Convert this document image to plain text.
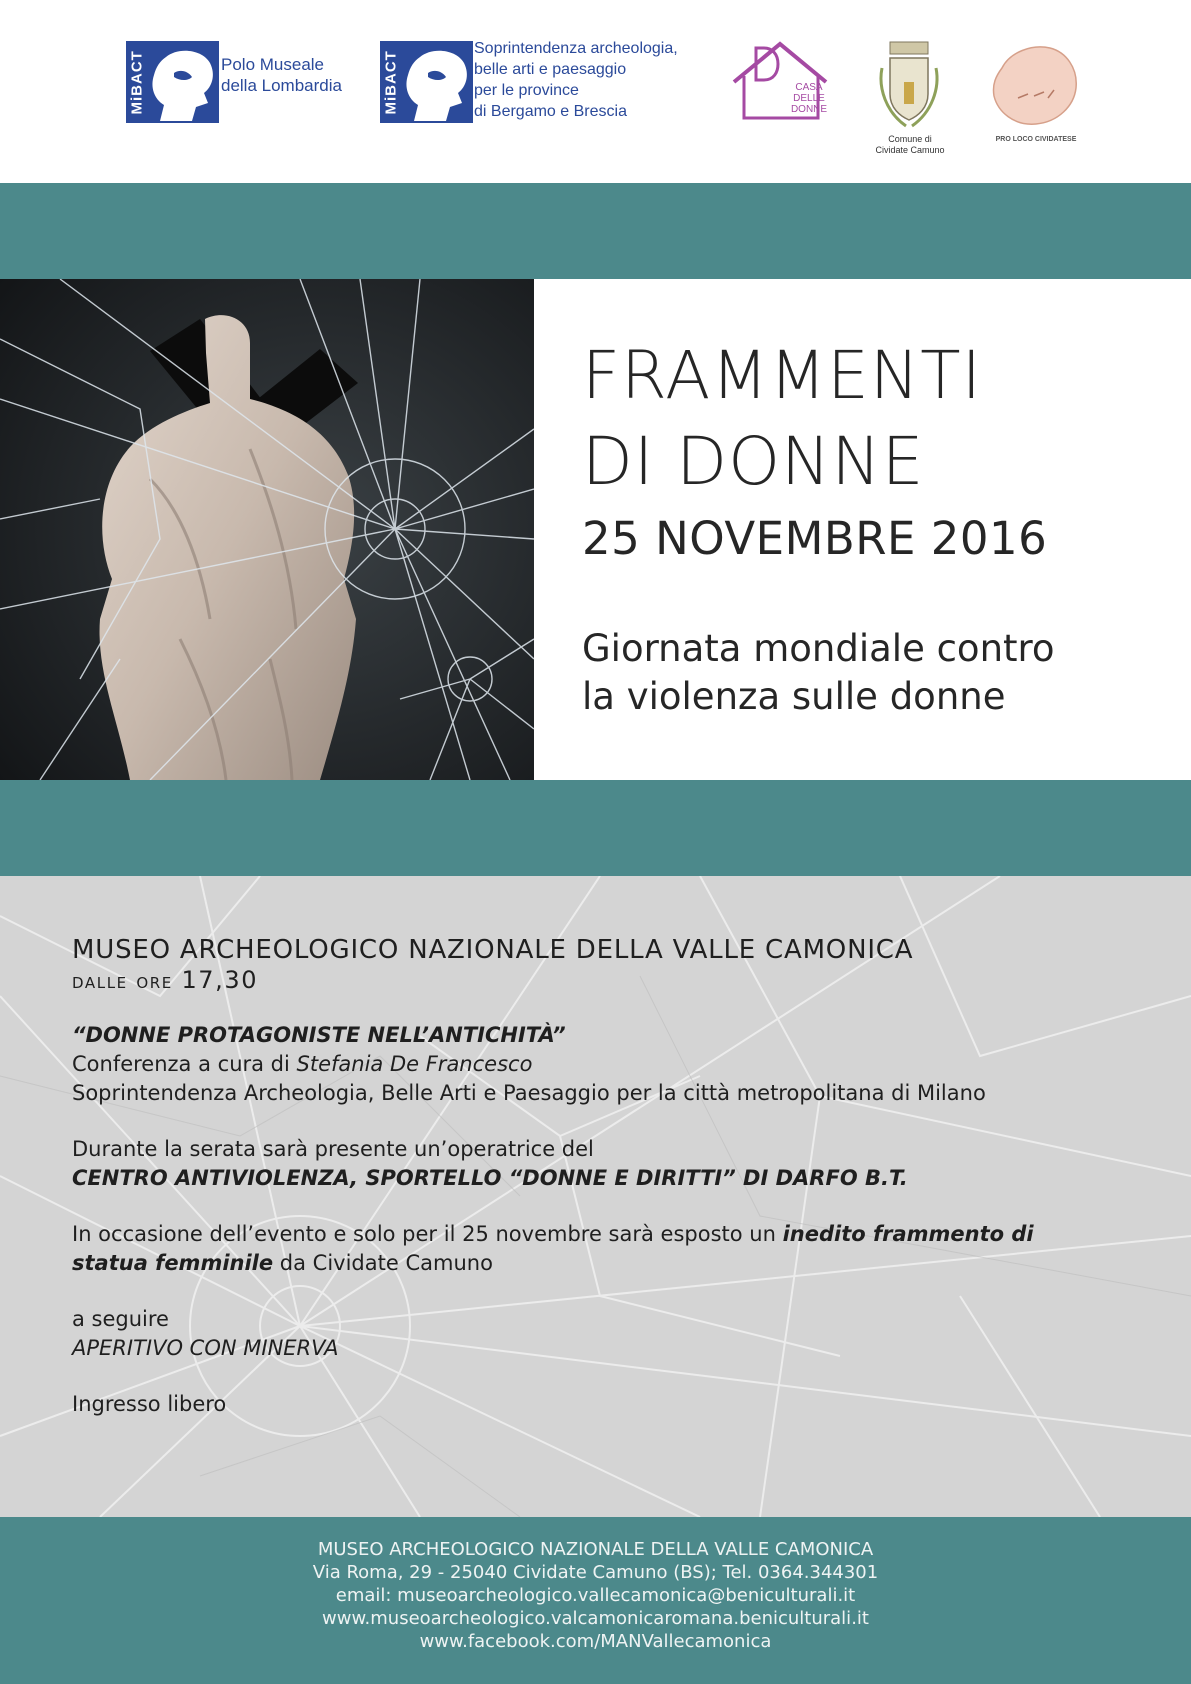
MiBACT	Polo Museale
della Lombardia	MiBACT
Soprintendenza archeologia,
belle arti e paesaggio
per le province
di Bergamo e Brescia
CASA
DELLE
DONNE
Comune di
Cividate Camuno
PRO LOCO CIVIDATESE
FRAMMENTI
DI DONNE
25 NOVEMBRE 2016
Giornata mondiale contro
la violenza sulle donne
MUSEO ARCHEOLOGICO NAZIONALE DELLA VALLE CAMONICA
dalle ore 17,30
“DONNE PROTAGONISTE NELL’ANTICHITÀ”
Conferenza a cura di Stefania De Francesco
Soprintendenza Archeologia, Belle Arti e Paesaggio per la città metropolitana di Milano
Durante la serata sarà presente un’operatrice del
CENTRO ANTIVIOLENZA, SPORTELLO “DONNE E DIRITTI” DI DARFO B.T.
In occasione dell’evento e solo per il 25 novembre sarà esposto un inedito frammento di
statua femminile da Cividate Camuno
a seguire
APERITIVO CON MINERVA
Ingresso libero
MUSEO ARCHEOLOGICO NAZIONALE DELLA VALLE CAMONICA
Via Roma, 29 - 25040 Cividate Camuno (BS); Tel. 0364.344301
email: museoarcheologico.vallecamonica@beniculturali.it
www.museoarcheologico.valcamonicaromana.beniculturali.it
www.facebook.com/MANVallecamonica
